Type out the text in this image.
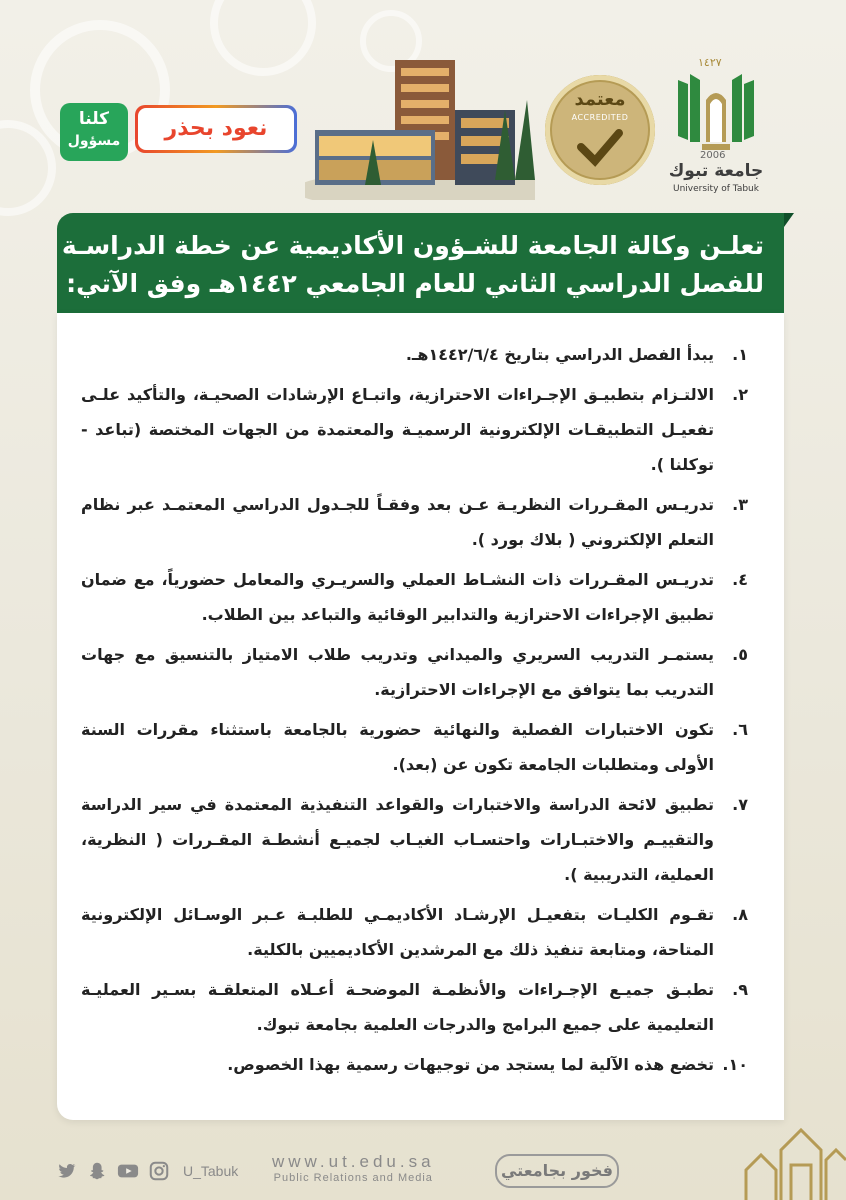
١٤٢٧
2006
جامعة تبوك
University of Tabuk
معتمد
ACCREDITED
نعود بحذر
كلنا
مسؤول
تعلـن وكالة الجامعة للشـؤون الأكاديمية عن خطة الدراسـة
للفصل الدراسي الثاني للعام الجامعي ١٤٤٢هـ وفق الآتي:
١.
يبدأ الفصل الدراسي بتاريخ ١٤٤٢/٦/٤هـ.
٢.
الالتـزام بتطبيـق الإجـراءات الاحترازية، واتبـاع الإرشادات الصحيـة، والتأكيد علـى تفعيـل التطبيقـات الإلكترونية الرسميـة والمعتمدة من الجهات المختصة (تباعد - توكلنا ).
٣.
تدريـس المقـررات النظريـة عـن بعد وفقـاً للجـدول الدراسي المعتمـد عبر نظام التعلم الإلكتروني ( بلاك بورد ).
٤.
تدريـس المقـررات ذات النشـاط العملي والسريـري والمعامل حضورياً، مع ضمان تطبيق الإجراءات الاحترازية والتدابير الوقائية والتباعد بين الطلاب.
٥.
يستمـر التدريب السريري والميداني وتدريب طلاب الامتياز بالتنسيق مع جهات التدريب بما يتوافق مع الإجراءات الاحترازية.
٦.
تكون الاختبارات الفصلية والنهائية حضورية بالجامعة باستثناء مقررات السنة الأولى ومتطلبات الجامعة تكون عن (بعد).
٧.
تطبيق لائحة الدراسة والاختبارات والقواعد التنفيذية المعتمدة في سير الدراسة والتقييـم والاختبـارات واحتسـاب الغيـاب لجميـع أنشطـة المقـررات ( النظرية، العملية، التدريبية ).
٨.
تقـوم الكليـات بتفعيـل الإرشـاد الأكاديمـي للطلبـة عـبر الوسـائل الإلكترونية المتاحة، ومتابعة تنفيذ ذلك مع المرشدين الأكاديميين بالكلية.
٩.
تطبـق جميـع الإجـراءات والأنظمـة الموضحـة أعـلاه المتعلقـة بسـير العمليـة التعليمية على جميع البرامج والدرجات العلمية بجامعة تبوك.
١٠.
تخضع هذه الآلية لما يستجد من توجيهات رسمية بهذا الخصوص.
U_Tabuk www.ut.edu.sa
Public Relations and Media	فخور بجامعتي
